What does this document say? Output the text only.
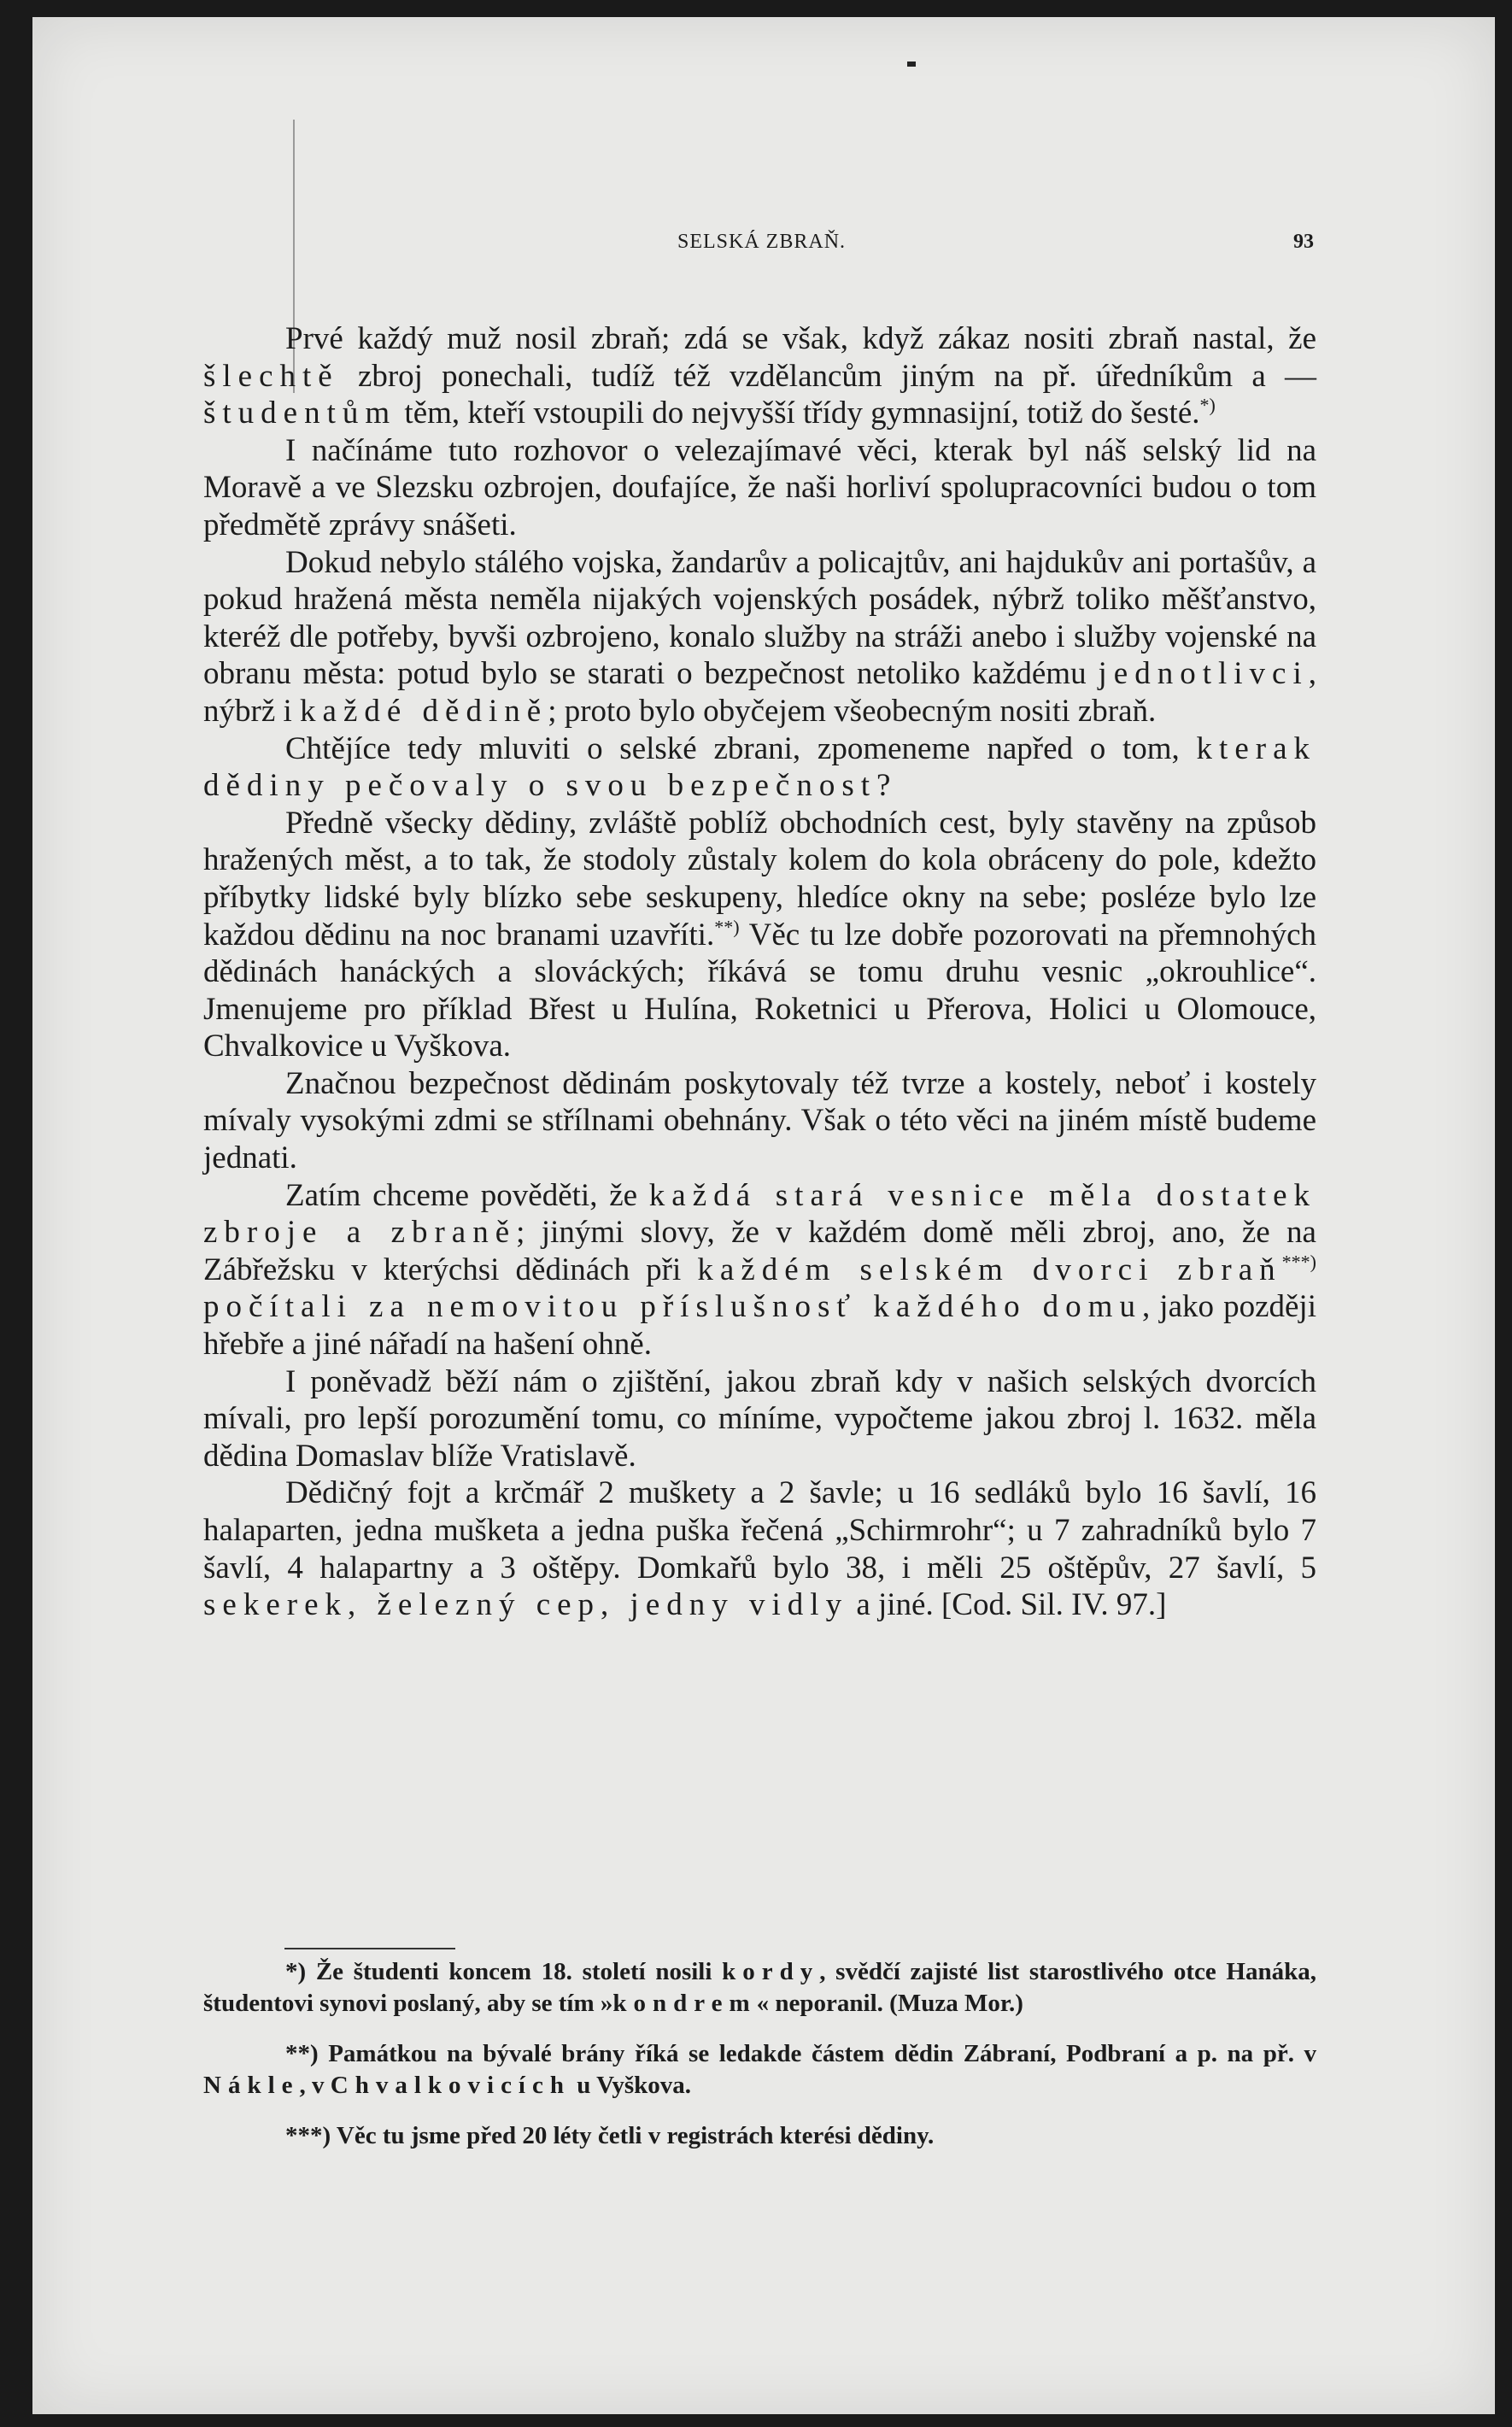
SELSKÁ ZBRAŇ.	93

Prvé každý muž nosil zbraň; zdá se však, když zákaz nositi zbraň nastal, že šlechtě zbroj ponechali, tudíž též vzdělancům jiným na př. úředníkům a — študentům těm, kteří vstoupili do nejvyšší třídy gymnasijní, totiž do šesté.*)

I načínáme tuto rozhovor o velezajímavé věci, kterak byl náš selský lid na Moravě a ve Slezsku ozbrojen, doufajíce, že naši horliví spolupracovníci budou o tom předmětě zprávy snášeti.

Dokud nebylo stálého vojska, žandarův a policajtův, ani hajdukův ani portašův, a pokud hražená města neměla nijakých vojenských posádek, nýbrž toliko měšťanstvo, kteréž dle potřeby, byvši ozbrojeno, konalo služby na stráži anebo i služby vojenské na obranu města: potud bylo se starati o bezpečnost netoliko každému jednotlivci, nýbrž i každé dědině; proto bylo obyčejem všeobecným nositi zbraň.

Chtějíce tedy mluviti o selské zbrani, zpomeneme napřed o tom, kterak dědiny pečovaly o svou bezpečnost?

Předně všecky dědiny, zvláště poblíž obchodních cest, byly stavěny na způsob hražených měst, a to tak, že stodoly zůstaly kolem do kola obráceny do pole, kdežto příbytky lidské byly blízko sebe seskupeny, hledíce okny na sebe; posléze bylo lze každou dědinu na noc branami uzavříti.**) Věc tu lze dobře pozorovati na přemnohých dědinách hanáckých a slováckých; říkává se tomu druhu vesnic „okrouhlice“. Jmenujeme pro příklad Břest u Hulína, Roketnici u Přerova, Holici u Olomouce, Chvalkovice u Vyškova.

Značnou bezpečnost dědinám poskytovaly též tvrze a kostely, neboť i kostely mívaly vysokými zdmi se střílnami obehnány. Však o této věci na jiném místě budeme jednati.

Zatím chceme pověděti, že každá stará vesnice měla dostatek zbroje a zbraně; jinými slovy, že v každém domě měli zbroj, ano, že na Zábřežsku v kterýchsi dědinách při každém selském dvorci zbraň***) počítali za nemovitou příslušnosť každého domu, jako později hřebře a jiné nářadí na hašení ohně.

I poněvadž běží nám o zjištění, jakou zbraň kdy v našich selských dvorcích mívali, pro lepší porozumění tomu, co míníme, vypočteme jakou zbroj l. 1632. měla dědina Domaslav blíže Vratislavě.

Dědičný fojt a krčmář 2 muškety a 2 šavle; u 16 sedláků bylo 16 šavlí, 16 halaparten, jedna mušketa a jedna puška řečená „Schirmrohr“; u 7 zahradníků bylo 7 šavlí, 4 halapartny a 3 oštěpy. Domkařů bylo 38, i měli 25 oštěpův, 27 šavlí, 5 sekerek, železný cep, jedny vidly a jiné. [Cod. Sil. IV. 97.]

*) Že študenti koncem 18. století nosili kordy, svědčí zajisté list starostlivého otce Hanáka, študentovi synovi poslaný, aby se tím »kondrem« neporanil. (Muza Mor.)

**) Památkou na bývalé brány říká se ledakde částem dědin Zábraní, Podbraní a p. na př. v Nákle, v Chvalkovicích u Vyškova.

***) Věc tu jsme před 20 léty četli v registrách kterési dědiny.
